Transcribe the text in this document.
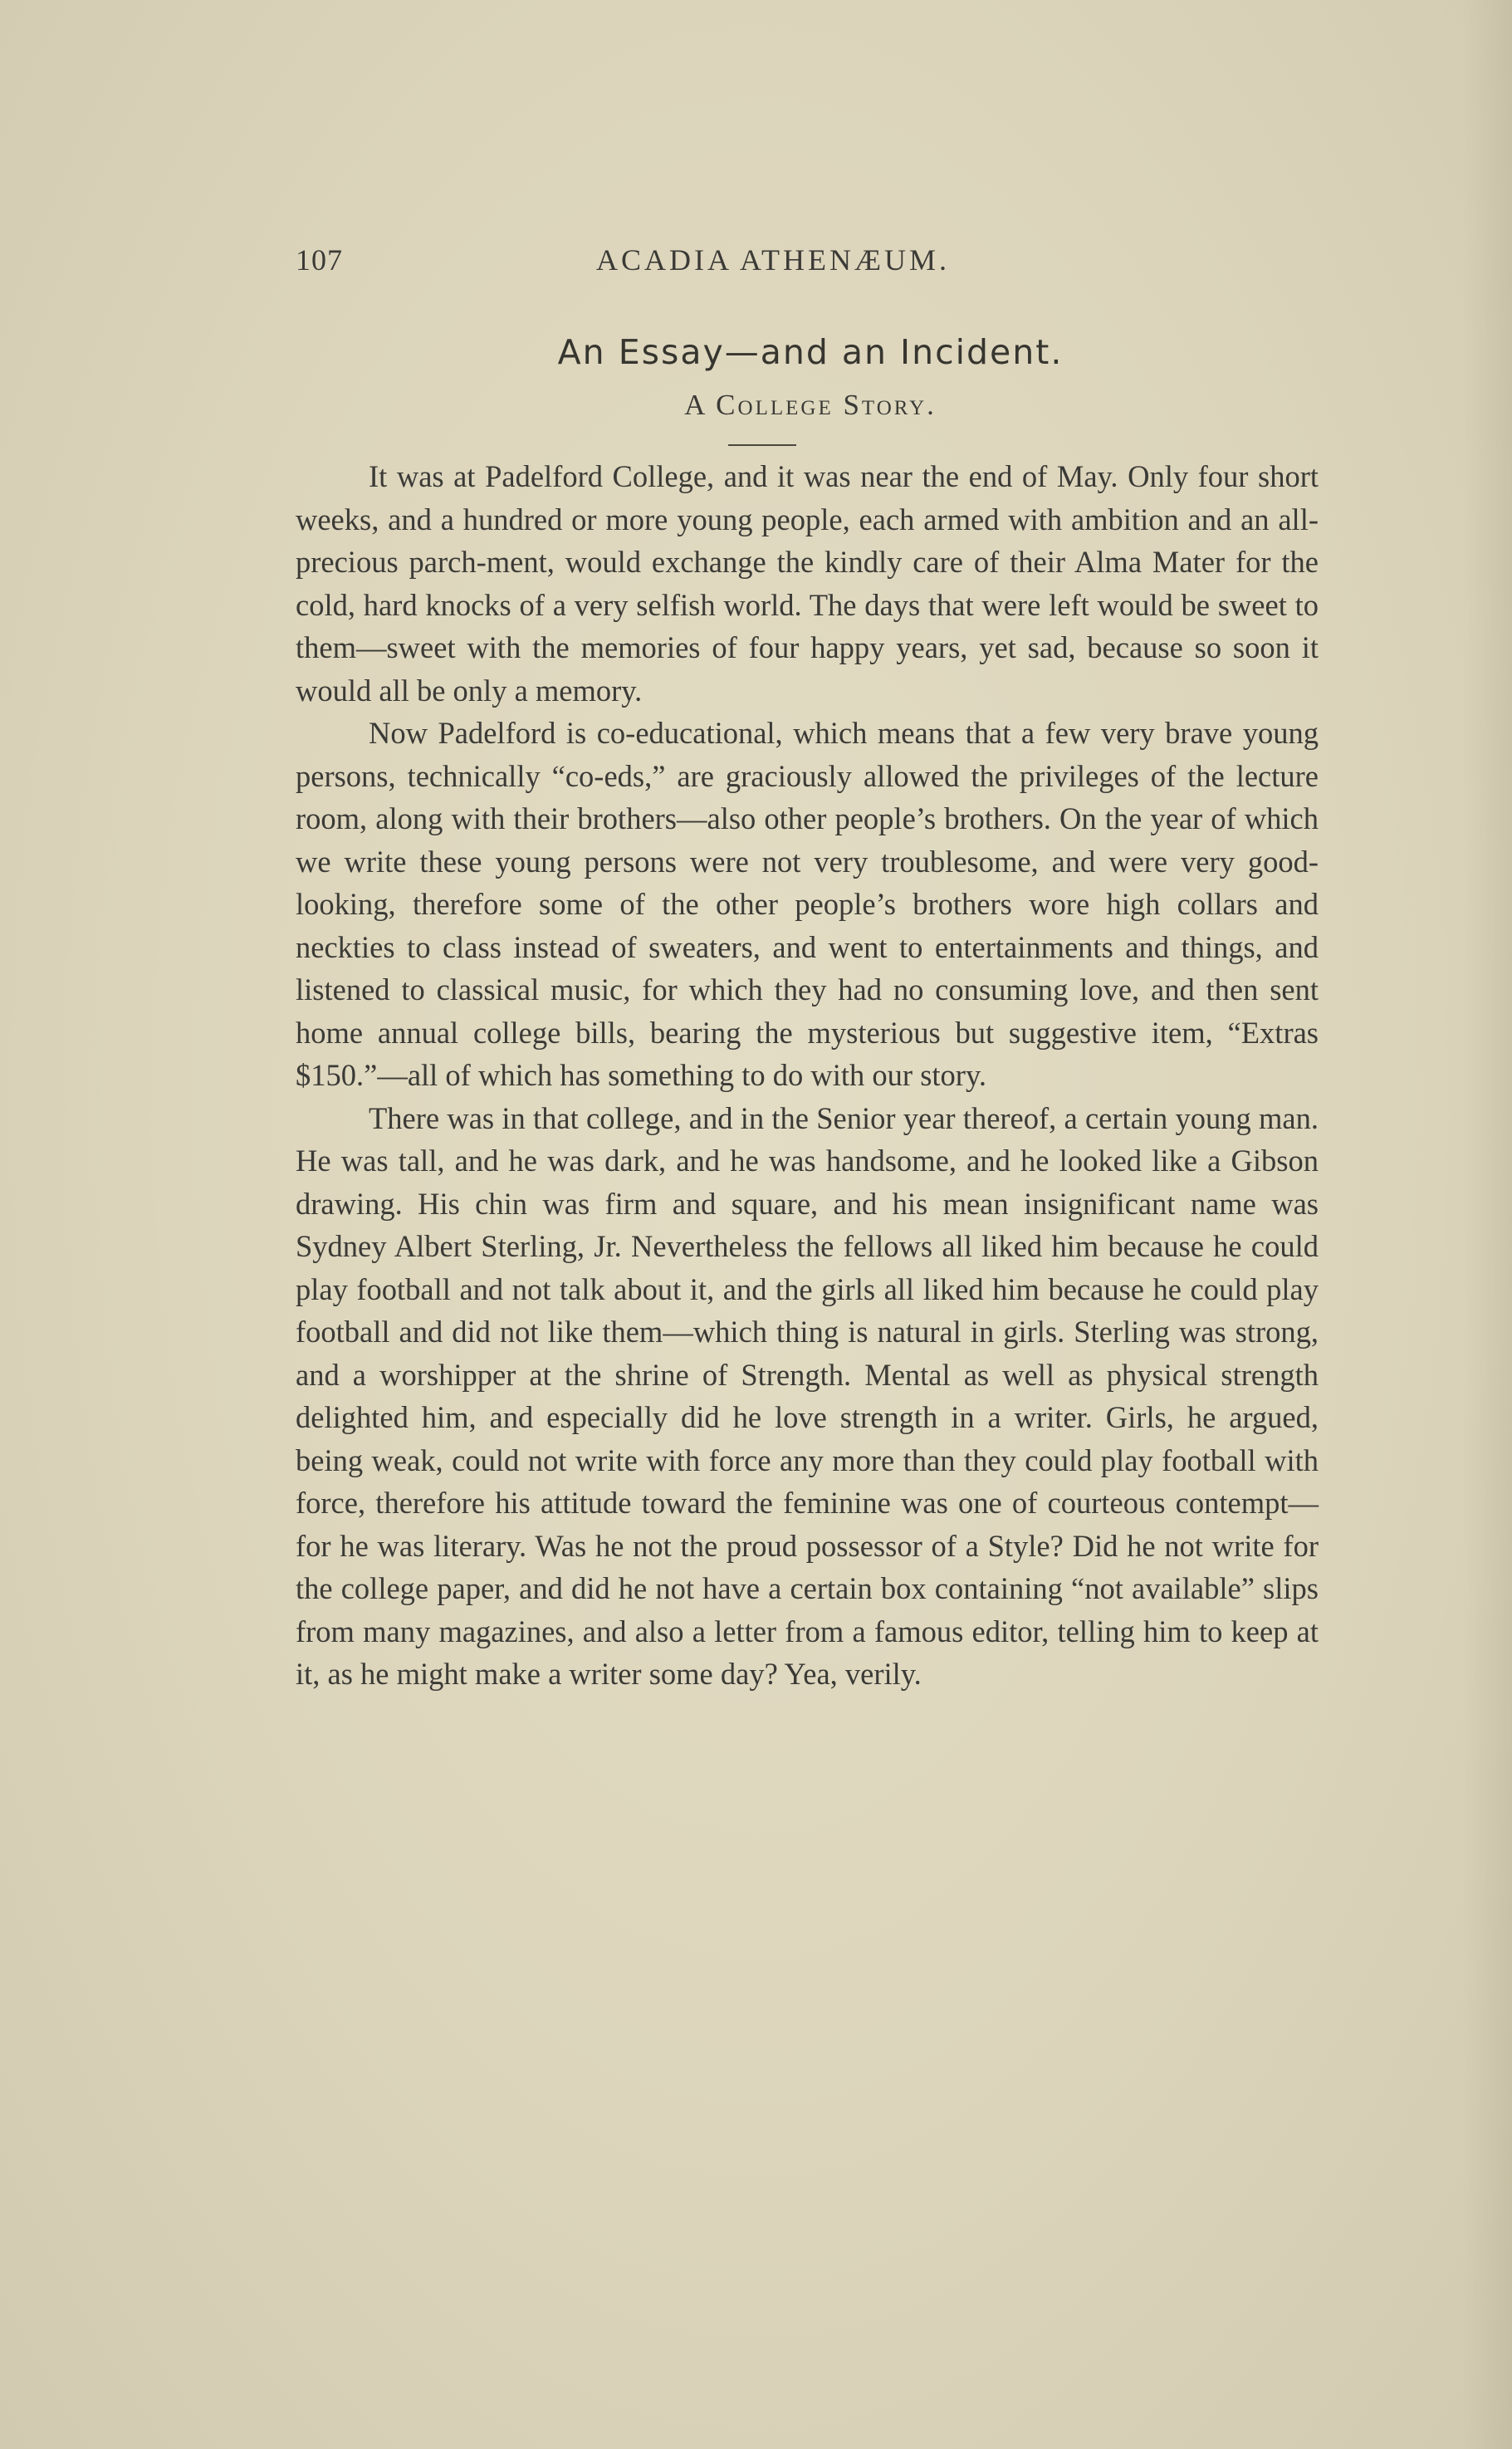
107	ACADIA ATHENÆUM.
An Essay—and an Incident.
A College Story.

It was at Padelford College, and it was near the end of May. Only four short weeks, and a hundred or more young people, each armed with ambition and an all-precious parch-ment, would exchange the kindly care of their Alma Mater for the cold, hard knocks of a very selfish world. The days that were left would be sweet to them—sweet with the memories of four happy years, yet sad, because so soon it would all be only a memory.

Now Padelford is co-educational, which means that a few very brave young persons, technically “co-eds,” are graciously allowed the privileges of the lecture room, along with their brothers—also other people’s brothers. On the year of which we write these young persons were not very troublesome, and were very good-looking, therefore some of the other people’s brothers wore high collars and neckties to class instead of sweaters, and went to entertainments and things, and listened to classical music, for which they had no consuming love, and then sent home annual college bills, bearing the mysterious but suggestive item, “Extras $150.”—all of which has something to do with our story.

There was in that college, and in the Senior year thereof, a certain young man. He was tall, and he was dark, and he was handsome, and he looked like a Gibson drawing. His chin was firm and square, and his mean insignificant name was Sydney Albert Sterling, Jr. Nevertheless the fellows all liked him because he could play football and not talk about it, and the girls all liked him because he could play football and did not like them—which thing is natural in girls. Sterling was strong, and a worshipper at the shrine of Strength. Mental as well as physical strength delighted him, and especially did he love strength in a writer. Girls, he argued, being weak, could not write with force any more than they could play football with force, therefore his attitude toward the feminine was one of courteous contempt—for he was literary. Was he not the proud possessor of a Style? Did he not write for the college paper, and did he not have a certain box containing “not available” slips from many magazines, and also a letter from a famous editor, telling him to keep at it, as he might make a writer some day? Yea, verily.
